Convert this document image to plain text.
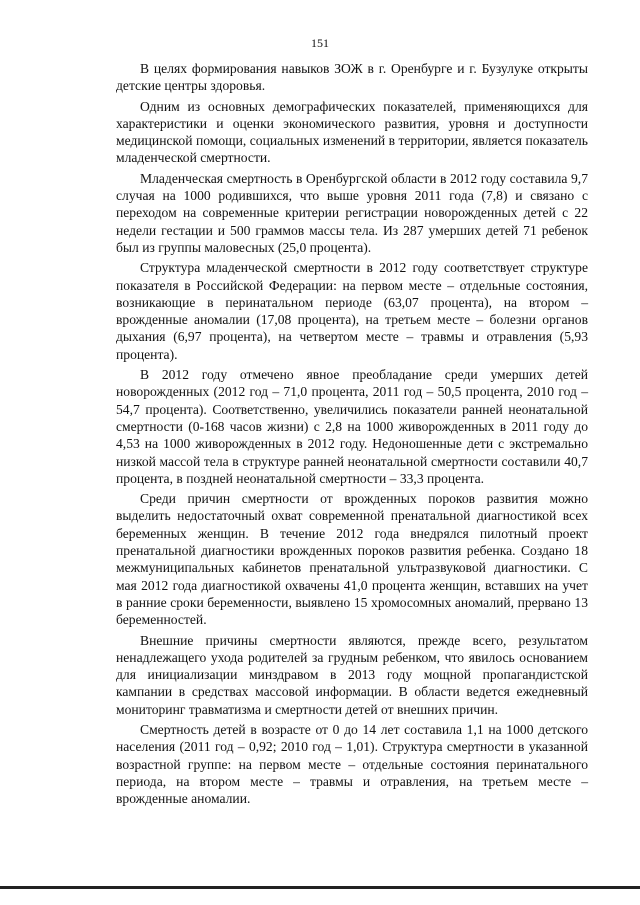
151

В целях формирования навыков ЗОЖ в г. Оренбурге и г. Бузулуке открыты детские центры здоровья.

Одним из основных демографических показателей, применяющихся для характеристики и оценки экономического развития, уровня и доступности медицинской помощи, социальных изменений в территории, является показатель младенческой смертности.

Младенческая смертность в Оренбургской области в 2012 году составила 9,7 случая на 1000 родившихся, что выше уровня 2011 года (7,8) и связано с переходом на современные критерии регистрации новорожденных детей с 22 недели гестации и 500 граммов массы тела. Из 287 умерших детей 71 ребенок был из группы маловесных (25,0 процента).

Структура младенческой смертности в 2012 году соответствует структуре показателя в Российской Федерации: на первом месте – отдельные состояния, возникающие в перинатальном периоде (63,07 процента), на втором – врожденные аномалии (17,08 процента), на третьем месте – болезни органов дыхания (6,97 процента), на четвертом месте – травмы и отравления (5,93 процента).

В 2012 году отмечено явное преобладание среди умерших детей новорожденных (2012 год – 71,0 процента, 2011 год – 50,5 процента, 2010 год – 54,7 процента). Соответственно, увеличились показатели ранней неонатальной смертности (0-168 часов жизни) с 2,8 на 1000 живорожденных в 2011 году до 4,53 на 1000 живорожденных в 2012 году. Недоношенные дети с экстремально низкой массой тела в структуре ранней неонатальной смертности составили 40,7 процента, в поздней неонатальной смертности – 33,3 процента.

Среди причин смертности от врожденных пороков развития можно выделить недостаточный охват современной пренатальной диагностикой всех беременных женщин. В течение 2012 года внедрялся пилотный проект пренатальной диагностики врожденных пороков развития ребенка. Создано 18 межмуниципальных кабинетов пренатальной ультразвуковой диагностики. С мая 2012 года диагностикой охвачены 41,0 процента женщин, вставших на учет в ранние сроки беременности, выявлено 15 хромосомных аномалий, прервано 13 беременностей.

Внешние причины смертности являются, прежде всего, результатом ненадлежащего ухода родителей за грудным ребенком, что явилось основанием для инициализации минздравом в 2013 году мощной пропагандистской кампании в средствах массовой информации. В области ведется ежедневный мониторинг травматизма и смертности детей от внешних причин.

Смертность детей в возрасте от 0 до 14 лет составила 1,1 на 1000 детского населения (2011 год – 0,92; 2010 год – 1,01). Структура смертности в указанной возрастной группе: на первом месте – отдельные состояния перинатального периода, на втором месте – травмы и отравления, на третьем месте – врожденные аномалии.
